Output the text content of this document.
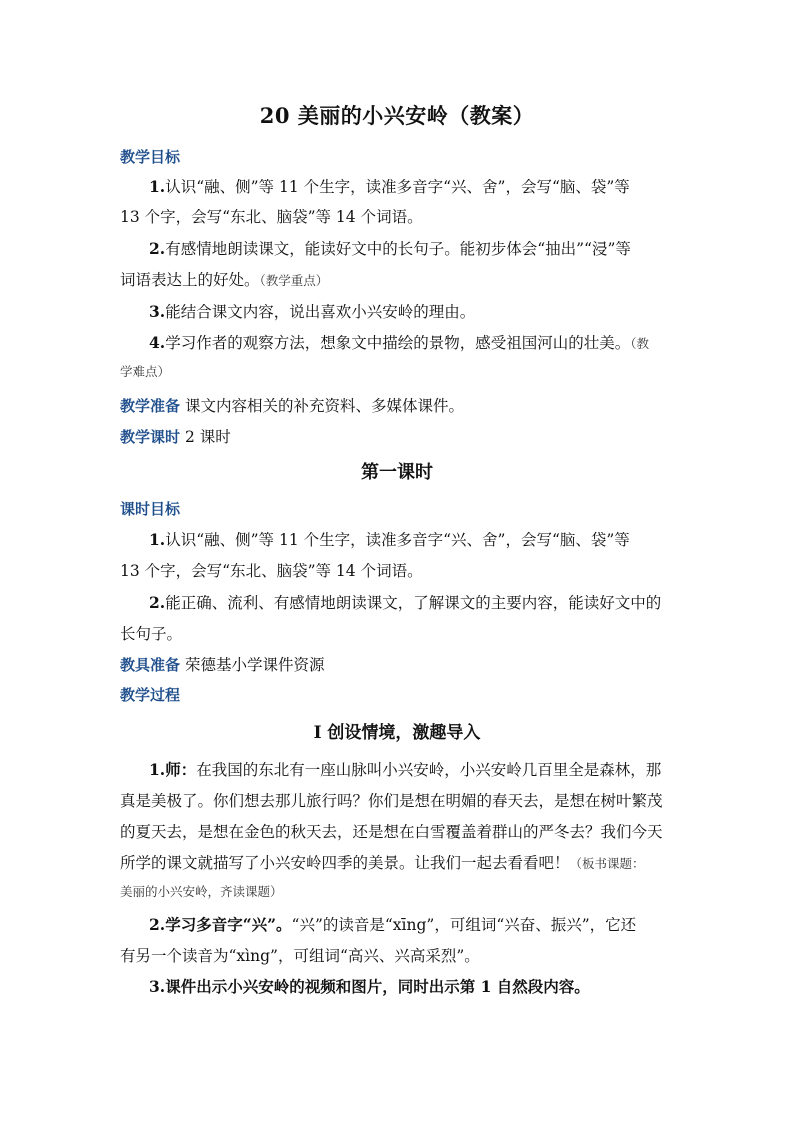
20 美丽的小兴安岭（教案）
教学目标
1.认识“融、侧”等 11 个生字，读准多音字“兴、舍”，会写“脑、袋”等
13 个字，会写“东北、脑袋”等 14 个词语。
2.有感情地朗读课文，能读好文中的长句子。能初步体会“抽出”“浸”等
词语表达上的好处。（教学重点）
3.能结合课文内容，说出喜欢小兴安岭的理由。
4.学习作者的观察方法，想象文中描绘的景物，感受祖国河山的壮美。（教
学难点）
教学准备 课文内容相关的补充资料、多媒体课件。
教学课时 2 课时
第一课时
课时目标
1.认识“融、侧”等 11 个生字，读准多音字“兴、舍”，会写“脑、袋”等
13 个字，会写“东北、脑袋”等 14 个词语。
2.能正确、流利、有感情地朗读课文，了解课文的主要内容，能读好文中的
长句子。
教具准备 荣德基小学课件资源
教学过程
Ⅰ 创设情境，激趣导入
1.师：在我国的东北有一座山脉叫小兴安岭，小兴安岭几百里全是森林，那
真是美极了。你们想去那儿旅行吗？你们是想在明媚的春天去，是想在树叶繁茂
的夏天去，是想在金色的秋天去，还是想在白雪覆盖着群山的严冬去？我们今天
所学的课文就描写了小兴安岭四季的美景。让我们一起去看看吧！（板书课题：
美丽的小兴安岭，齐读课题）
2.学习多音字“兴”。“兴”的读音是“xīng”，可组词“兴奋、振兴”，它还
有另一个读音为“xìng”，可组词“高兴、兴高采烈”。
3.课件出示小兴安岭的视频和图片，同时出示第 1 自然段内容。
